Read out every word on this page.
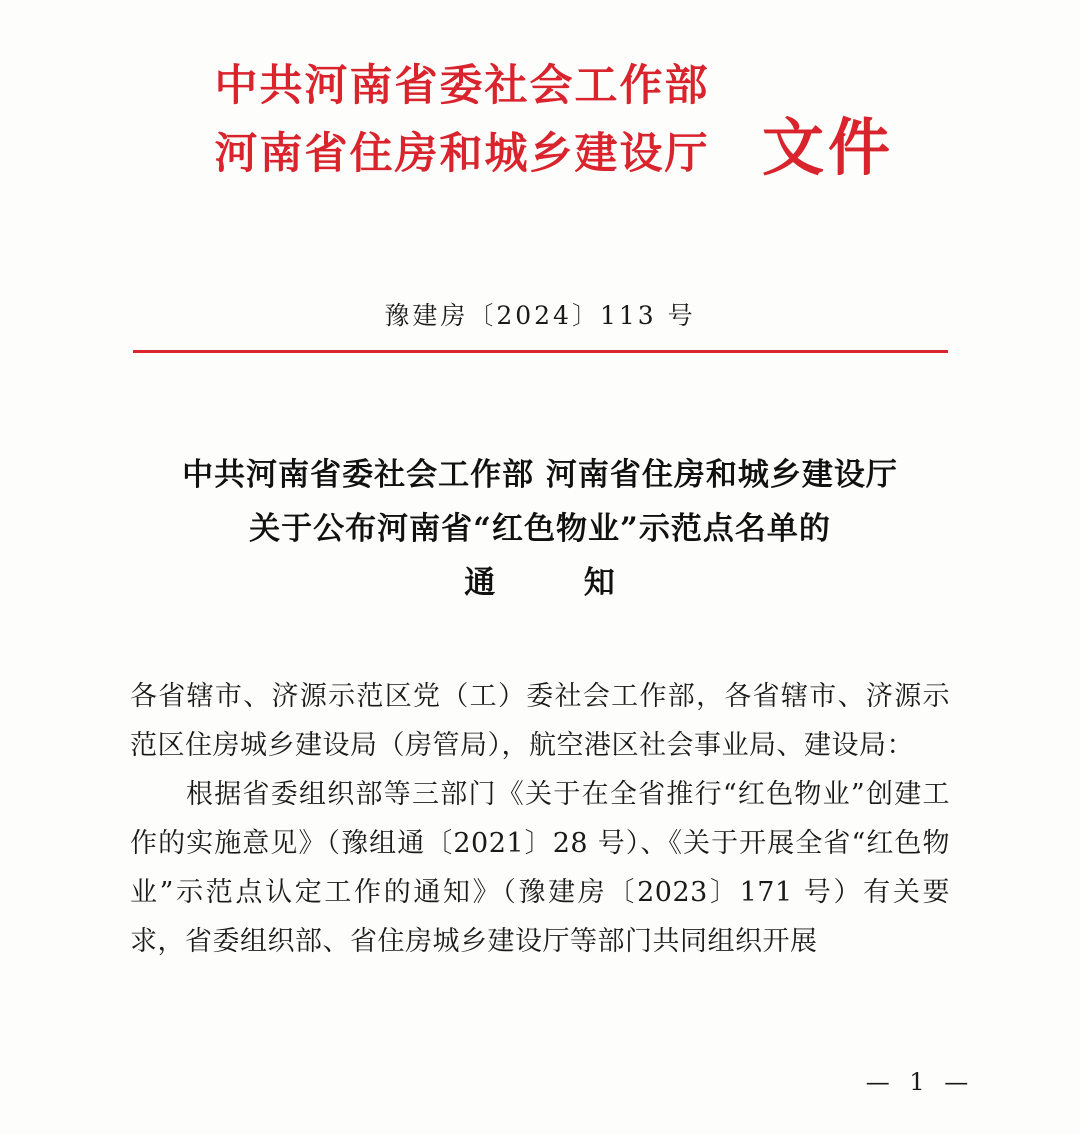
中共河南省委社会工作部
河南省住房和城乡建设厅 文件
豫建房〔2024〕113 号
中共河南省委社会工作部 河南省住房和城乡建设厅
关于公布河南省“红色物业”示范点名单的
通	知

各省辖市、济源示范区党（工）委社会工作部，各省辖市、济源示范区住房城乡建设局（房管局），航空港区社会事业局、建设局：

根据省委组织部等三部门《关于在全省推行“红色物业”创建工作的实施意见》（豫组通〔2021〕28 号）、《关于开展全省“红色物业”示范点认定工作的通知》（豫建房〔2023〕171 号）有关要求，省委组织部、省住房城乡建设厅等部门共同组织开展

— 1 —
